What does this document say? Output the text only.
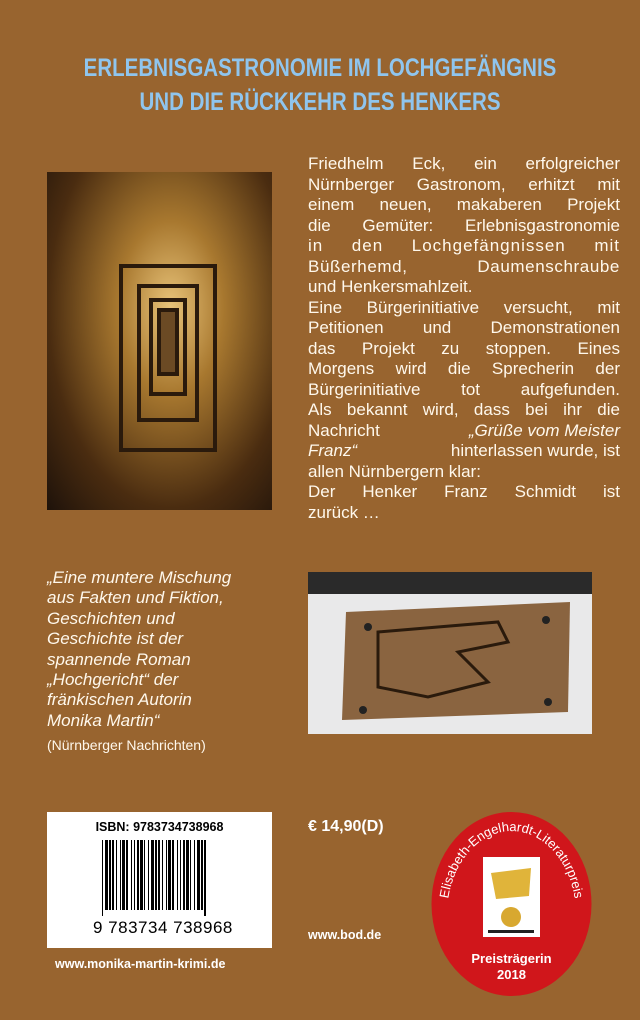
ERLEBNISGASTRONOMIE IM LOCHGEFÄNGNIS
UND DIE RÜCKKEHR DES HENKERS
Friedhelm Eck, ein erfolgreicher
Nürnberger Gastronom, erhitzt mit
einem neuen, makaberen Projekt
die Gemüter: Erlebnisgastronomie
in den Lochgefängnissen mit
Büßerhemd, Daumenschraube
und Henkersmahlzeit.
Eine Bürgerinitiative versucht, mit
Petitionen und Demonstrationen
das Projekt zu stoppen. Eines
Morgens wird die Sprecherin der
Bürgerinitiative tot aufgefunden.
Als bekannt wird, dass bei ihr die
Nachricht	„Grüße vom Meister
Franz“	hinterlassen wurde, ist
allen Nürnbergern klar:
Der Henker Franz Schmidt ist
zurück …
„Eine muntere Mischung
aus Fakten und Fiktion,
Geschichten und
Geschichte ist der
spannende Roman
„Hochgericht“ der
fränkischen Autorin
Monika Martin“
(Nürnberger Nachrichten)
ISBN: 9783734738968
9 783734 738968
€ 14,90(D)
www.bod.de
www.monika-martin-krimi.de
Elisabeth-Engelhardt-Literaturpreis
Preisträgerin
2018
